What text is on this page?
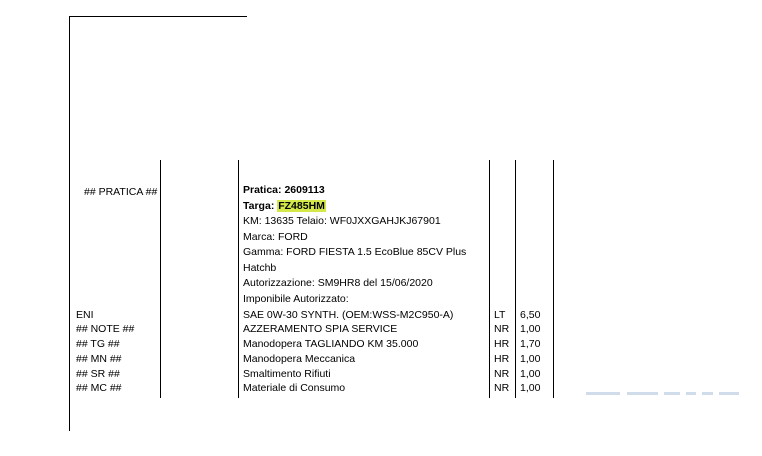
## PRATICA ##	Pratica: 2609113
Targa: FZ485HM
KM: 13635 Telaio: WF0JXXGAHJKJ67901
Marca: FORD
Gamma: FORD FIESTA 1.5 EcoBlue 85CV Plus
Hatchb
Autorizzazione: SM9HR8 del 15/06/2020
Imponibile Autorizzato:
ENI	SAE 0W-30 SYNTH. (OEM:WSS-M2C950-A)	LT 6,50
## NOTE ##	AZZERAMENTO SPIA SERVICE	NR 1,00
## TG ##	Manodopera TAGLIANDO KM 35.000	HR 1,70
## MN ##	Manodopera Meccanica	HR 1,00
## SR ##	Smaltimento Rifiuti	NR 1,00
## MC ##	Materiale di Consumo	NR 1,00
